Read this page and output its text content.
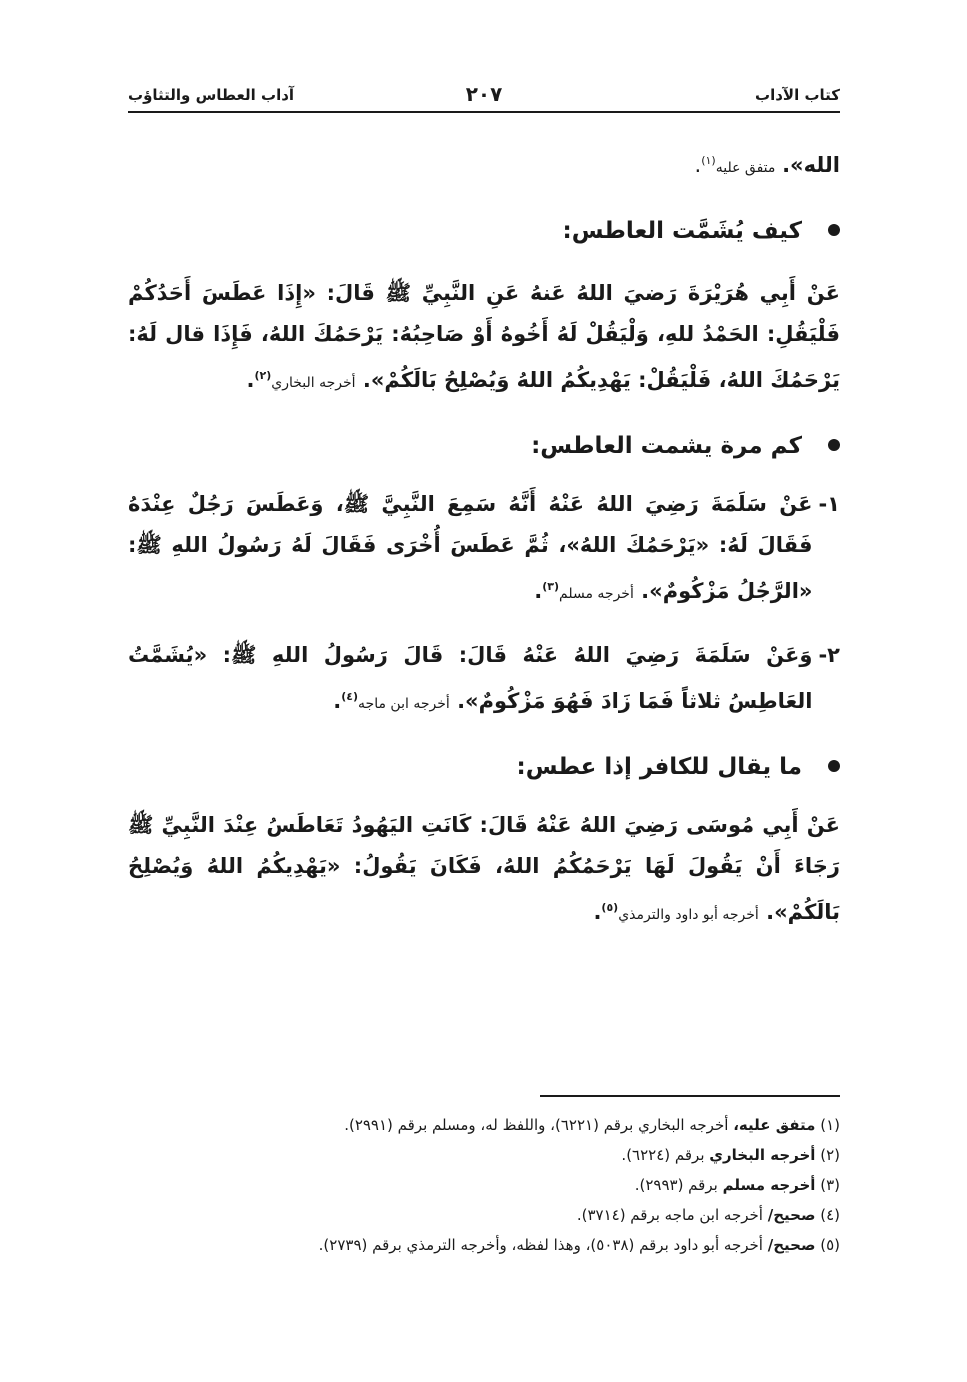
كتاب الآداب
٢٠٧
آداب العطاس والتثاؤب

الله». متفق عليه$^{(١)}$.

كيف يُشَمَّت العاطس:

عَنْ أَبِي هُرَيْرَةَ رَضيَ اللهُ عَنهُ عَنِ النَّبِيِّ ﷺ قَالَ: «إِذَا عَطَسَ أَحَدُكُمْ فَلْيَقُلِ: الحَمْدُ للهِ، وَلْيَقُلْ لَهُ أَخُوهُ أَوْ صَاحِبُهُ: يَرْحَمُكَ اللهُ، فَإِذَا قال لَهُ: يَرْحَمُكَ اللهُ، فَلْيَقُلْ: يَهْدِيكُمُ اللهُ وَيُصْلِحُ بَالَكُمْ». أخرجه البخاري$^{(٢)}$.

كم مرة يشمت العاطس:

١-

عَنْ سَلَمَةَ رَضِيَ اللهُ عَنْهُ أَنَّهُ سَمِعَ النَّبِيَّ ﷺ، وَعَطَسَ رَجُلٌ عِنْدَهُ فَقَالَ لَهُ: «يَرْحَمُكَ اللهُ»، ثُمَّ عَطَسَ أُخْرَى فَقَالَ لَهُ رَسُولُ اللهِ ﷺ: «الرَّجُلُ مَزْكُومٌ». أخرجه مسلم$^{(٣)}$.

٢-

وَعَنْ سَلَمَةَ رَضِيَ اللهُ عَنْهُ قَالَ: قَالَ رَسُولُ اللهِ ﷺ: «يُشَمَّتُ العَاطِسُ ثلاثاً فَمَا زَادَ فَهُوَ مَزْكُومٌ». أخرجه ابن ماجه$^{(٤)}$.

ما يقال للكافر إذا عطس:

عَنْ أَبِي مُوسَى رَضِيَ اللهُ عَنْهُ قَالَ: كَانَتِ اليَهُودُ تَعَاطَسُ عِنْدَ النَّبِيِّ ﷺ رَجَاءَ أَنْ يَقُولَ لَهَا يَرْحَمُكُمُ اللهُ، فَكَانَ يَقُولُ: «يَهْدِيكُمُ اللهُ وَيُصْلِحُ بَالَكُمْ». أخرجه أبو داود والترمذي$^{(٥)}$.

(١) متفق عليه، أخرجه البخاري برقم (٦٢٢١)، واللفظ له، ومسلم برقم (٢٩٩١).

(٢) أخرجه البخاري برقم (٦٢٢٤).

(٣) أخرجه مسلم برقم (٢٩٩٣).

(٤) صحيح/ أخرجه ابن ماجه برقم (٣٧١٤).

(٥) صحيح/ أخرجه أبو داود برقم (٥٠٣٨)، وهذا لفظه، وأخرجه الترمذي برقم (٢٧٣٩).
